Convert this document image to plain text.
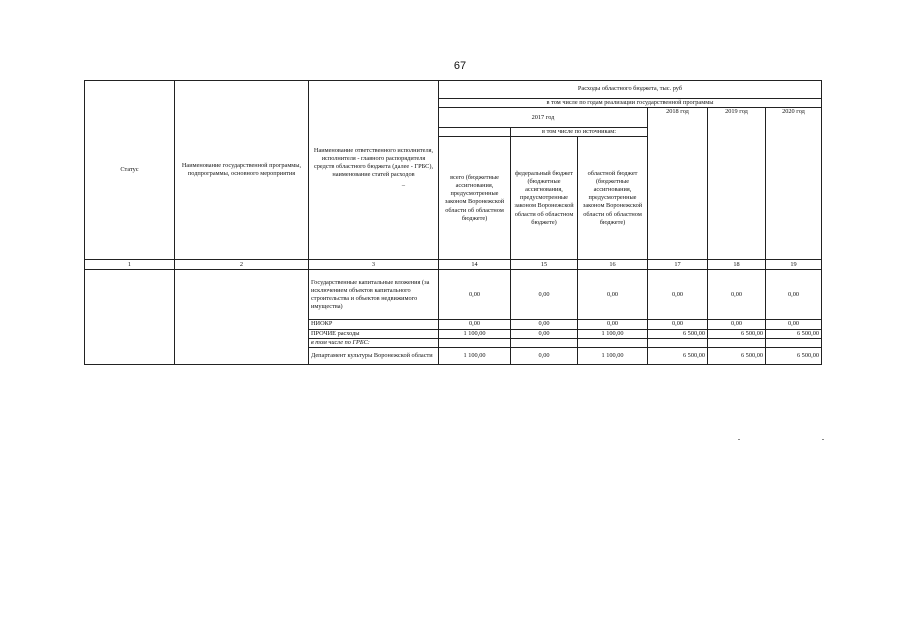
67
Статус	Наименование государственной программы, подпрограммы, основного мероприятия	Наименование ответственного исполнителя, исполнителя - главного распорядителя средств областного бюджета (далее - ГРБС), наименование статей расходов
_	Расходы областного бюджета, тыс. руб					
			в том числе по годам реализации государственной программы					
			2017 год			2018 год	2019 год	2020 год
				в том числе по источникам:				
			всего (бюджетные ассигнования, предусмотренные законом Воронежской области об областном бюджете)	федеральный бюджет (бюджетные ассигнования, предусмотренные законом Воронежской области об областном бюджете)	областной бюджет (бюджетные ассигнования, предусмотренные законом Воронежской области об областном бюджете)			
1	2	3	14	15	16	17	18	19
		Государственные капитальные вложения (за исключением объектов капитального строительства и объектов недвижимого имущества)	0,00	0,00	0,00	0,00	0,00	0,00
		НИОКР	0,00	0,00	0,00	0,00	0,00	0,00
		ПРОЧИЕ расходы	1 100,00	0,00	1 100,00	6 500,00	6 500,00	6 500,00
		в том числе по ГРБС:						
		Департамент культуры Воронежской области	1 100,00	0,00	1 100,00	6 500,00	6 500,00	6 500,00
